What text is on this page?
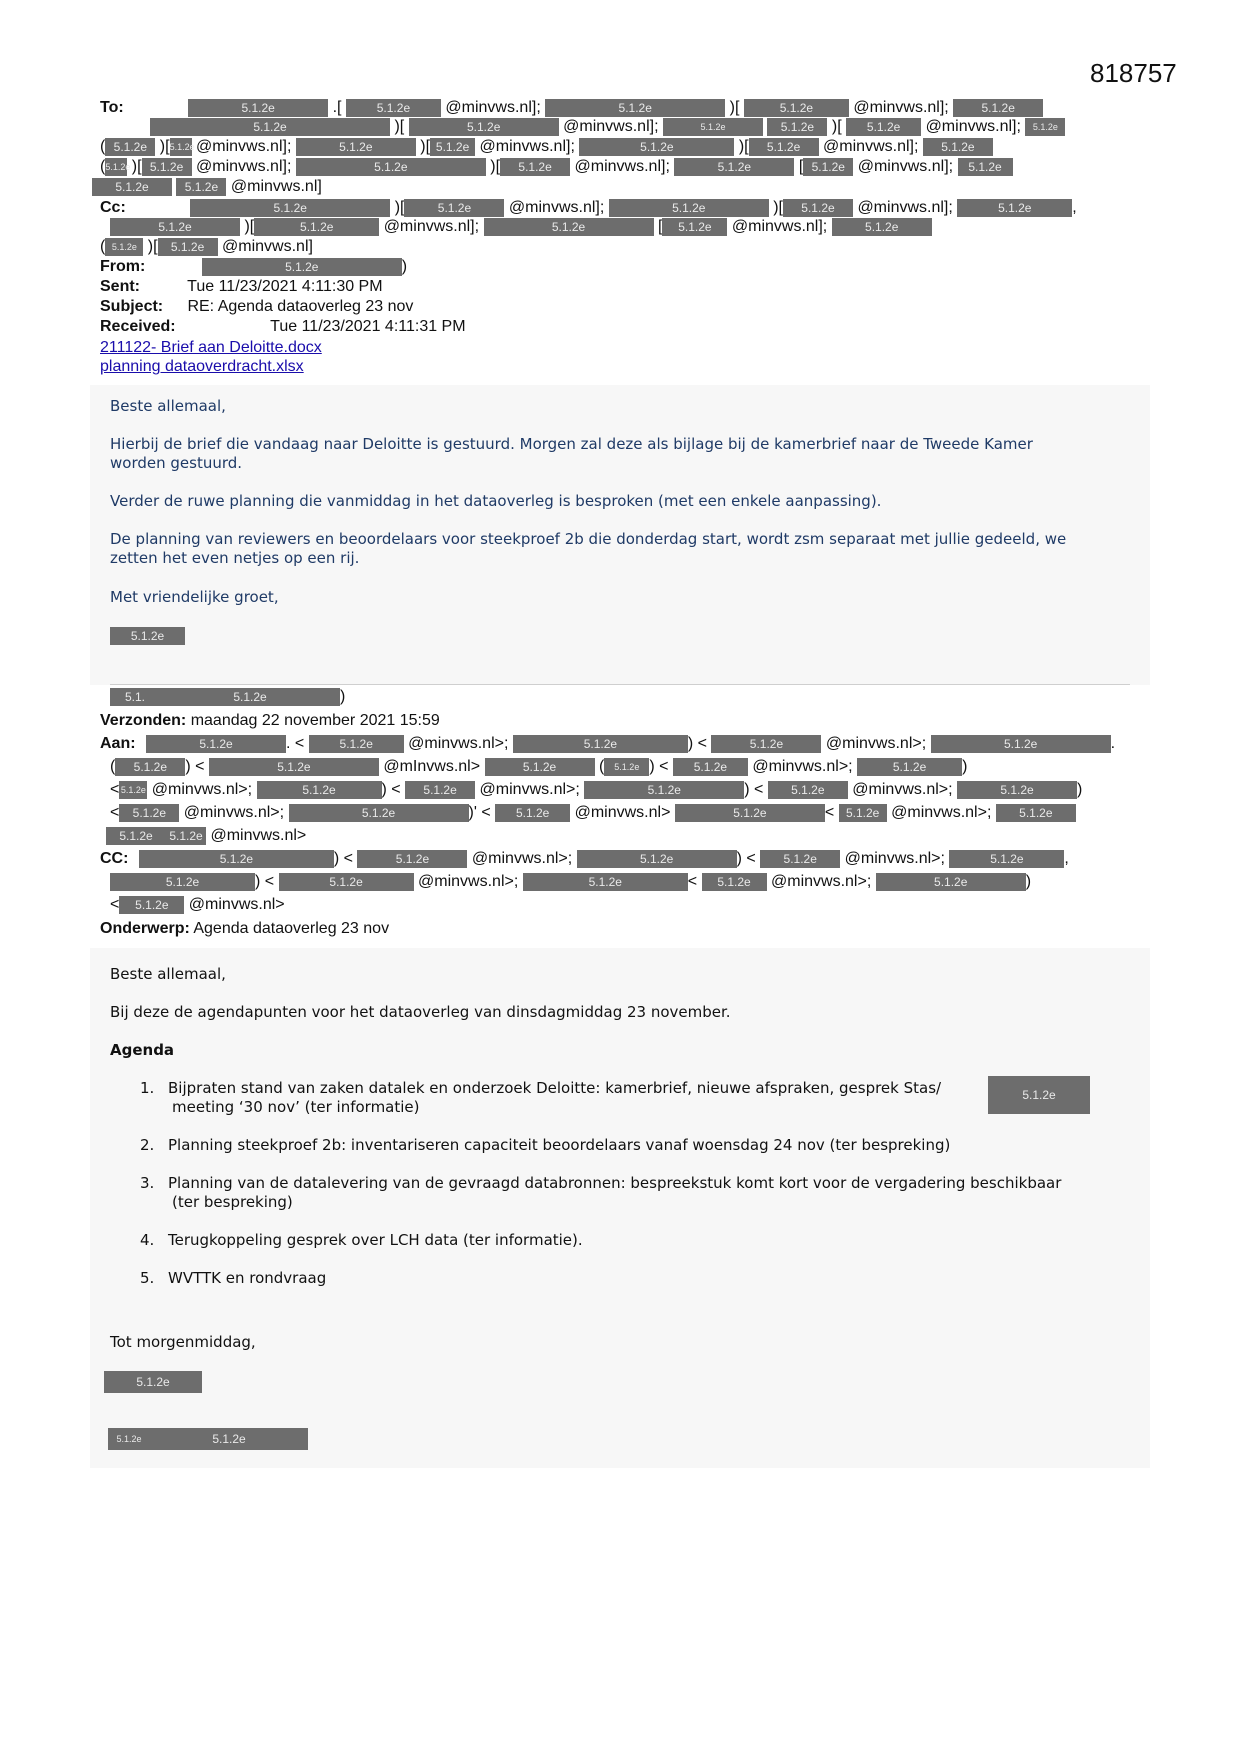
818757
To:	5.1.2e	.[	5.1.2e @minvws.nl];	5.1.2e	)[	5.1.2e	@minvws.nl];	5.1.2e
5.1.2e	)[	5.1.2e	@minvws.nl];	5.1.2e	5.1.2e )[ 5.1.2e @minvws.nl]; 5.1.2e
( 5.1.2e )[5.1.2e @minvws.nl];	5.1.2e	)[ 5.1.2e @minvws.nl];	5.1.2e	)[ 5.1.2e @minvws.nl]; 5.1.2e
(5.1.2e )[ 5.1.2e @minvws.nl];	5.1.2e	)[ 5.1.2e @minvws.nl];	5.1.2e	[ 5.1.2e @minvws.nl]; 5.1.2e
5.1.2e	5.1.2e @minvws.nl]
Cc:	5.1.2e	)[	5.1.2e @minvws.nl];	5.1.2e	)[ 5.1.2e @minvws.nl];	5.1.2e	,
5.1.2e	)[	5.1.2e	@minvws.nl];	5.1.2e	[ 5.1.2e @minvws.nl];	5.1.2e
( 5.1.2e )[ 5.1.2e @minvws.nl]
From:	5.1.2e	)
Sent:	Tue 11/23/2021 4:11:30 PM
Subject: RE: Agenda dataoverleg 23 nov
Received:	Tue 11/23/2021 4:11:31 PM
211122- Brief aan Deloitte.docx
planning dataoverdracht.xlsx
Beste allemaal,
Hierbij de brief die vandaag naar Deloitte is gestuurd. Morgen zal deze als bijlage bij de kamerbrief naar de Tweede Kamer
worden gestuurd.
Verder de ruwe planning die vanmiddag in het dataoverleg is besproken (met een enkele aanpassing).
De planning van reviewers en beoordelaars voor steekproef 2b die donderdag start, wordt zsm separaat met jullie gedeeld, we
zetten het even netjes op een rij.
Met vriendelijke groet,
5.1.2e
5.1.	5.1.2e	)
Verzonden: maandag 22 november 2021 15:59
Aan:	5.1.2e	. <	5.1.2e @minvws.nl>;	5.1.2e	) <	5.1.2e	@minvws.nl>;	5.1.2e	.
( 5.1.2e ) <	5.1.2e	@mInvws.nl>	5.1.2e	( 5.1.2e ) < 5.1.2e @minvws.nl>;	5.1.2e )
<5.1.2e @minvws.nl>;	5.1.2e	) < 5.1.2e @minvws.nl>;	5.1.2e	) < 5.1.2e @minvws.nl>;	5.1.2e	)
< 5.1.2e @minvws.nl>;	5.1.2e	)' < 5.1.2e @minvws.nl>	5.1.2e	< 5.1.2e @minvws.nl>; 5.1.2e
5.1.2e 5.1.2e @minvws.nl>
CC:	5.1.2e	) <	5.1.2e	@minvws.nl>;	5.1.2e	) < 5.1.2e @minvws.nl>;	5.1.2e	,
5.1.2e	) <	5.1.2e	@minvws.nl>;	5.1.2e	< 5.1.2e @minvws.nl>;	5.1.2e	)
< 5.1.2e @minvws.nl>
Onderwerp: Agenda dataoverleg 23 nov
Beste allemaal,
Bij deze de agendapunten voor het dataoverleg van dinsdagmiddag 23 november.
Agenda
1. Bijpraten stand van zaken datalek en onderzoek Deloitte: kamerbrief, nieuwe afspraken, gesprek Stas/
meeting ‘30 nov’ (ter informatie)
5.1.2e
2. Planning steekproef 2b: inventariseren capaciteit beoordelaars vanaf woensdag 24 nov (ter bespreking)
3. Planning van de datalevering van de gevraagd databronnen: bespreekstuk komt kort voor de vergadering beschikbaar
(ter bespreking)
4. Terugkoppeling gesprek over LCH data (ter informatie).
5. WVTTK en rondvraag
Tot morgenmiddag,
5.1.2e
5.1.2e	5.1.2e
